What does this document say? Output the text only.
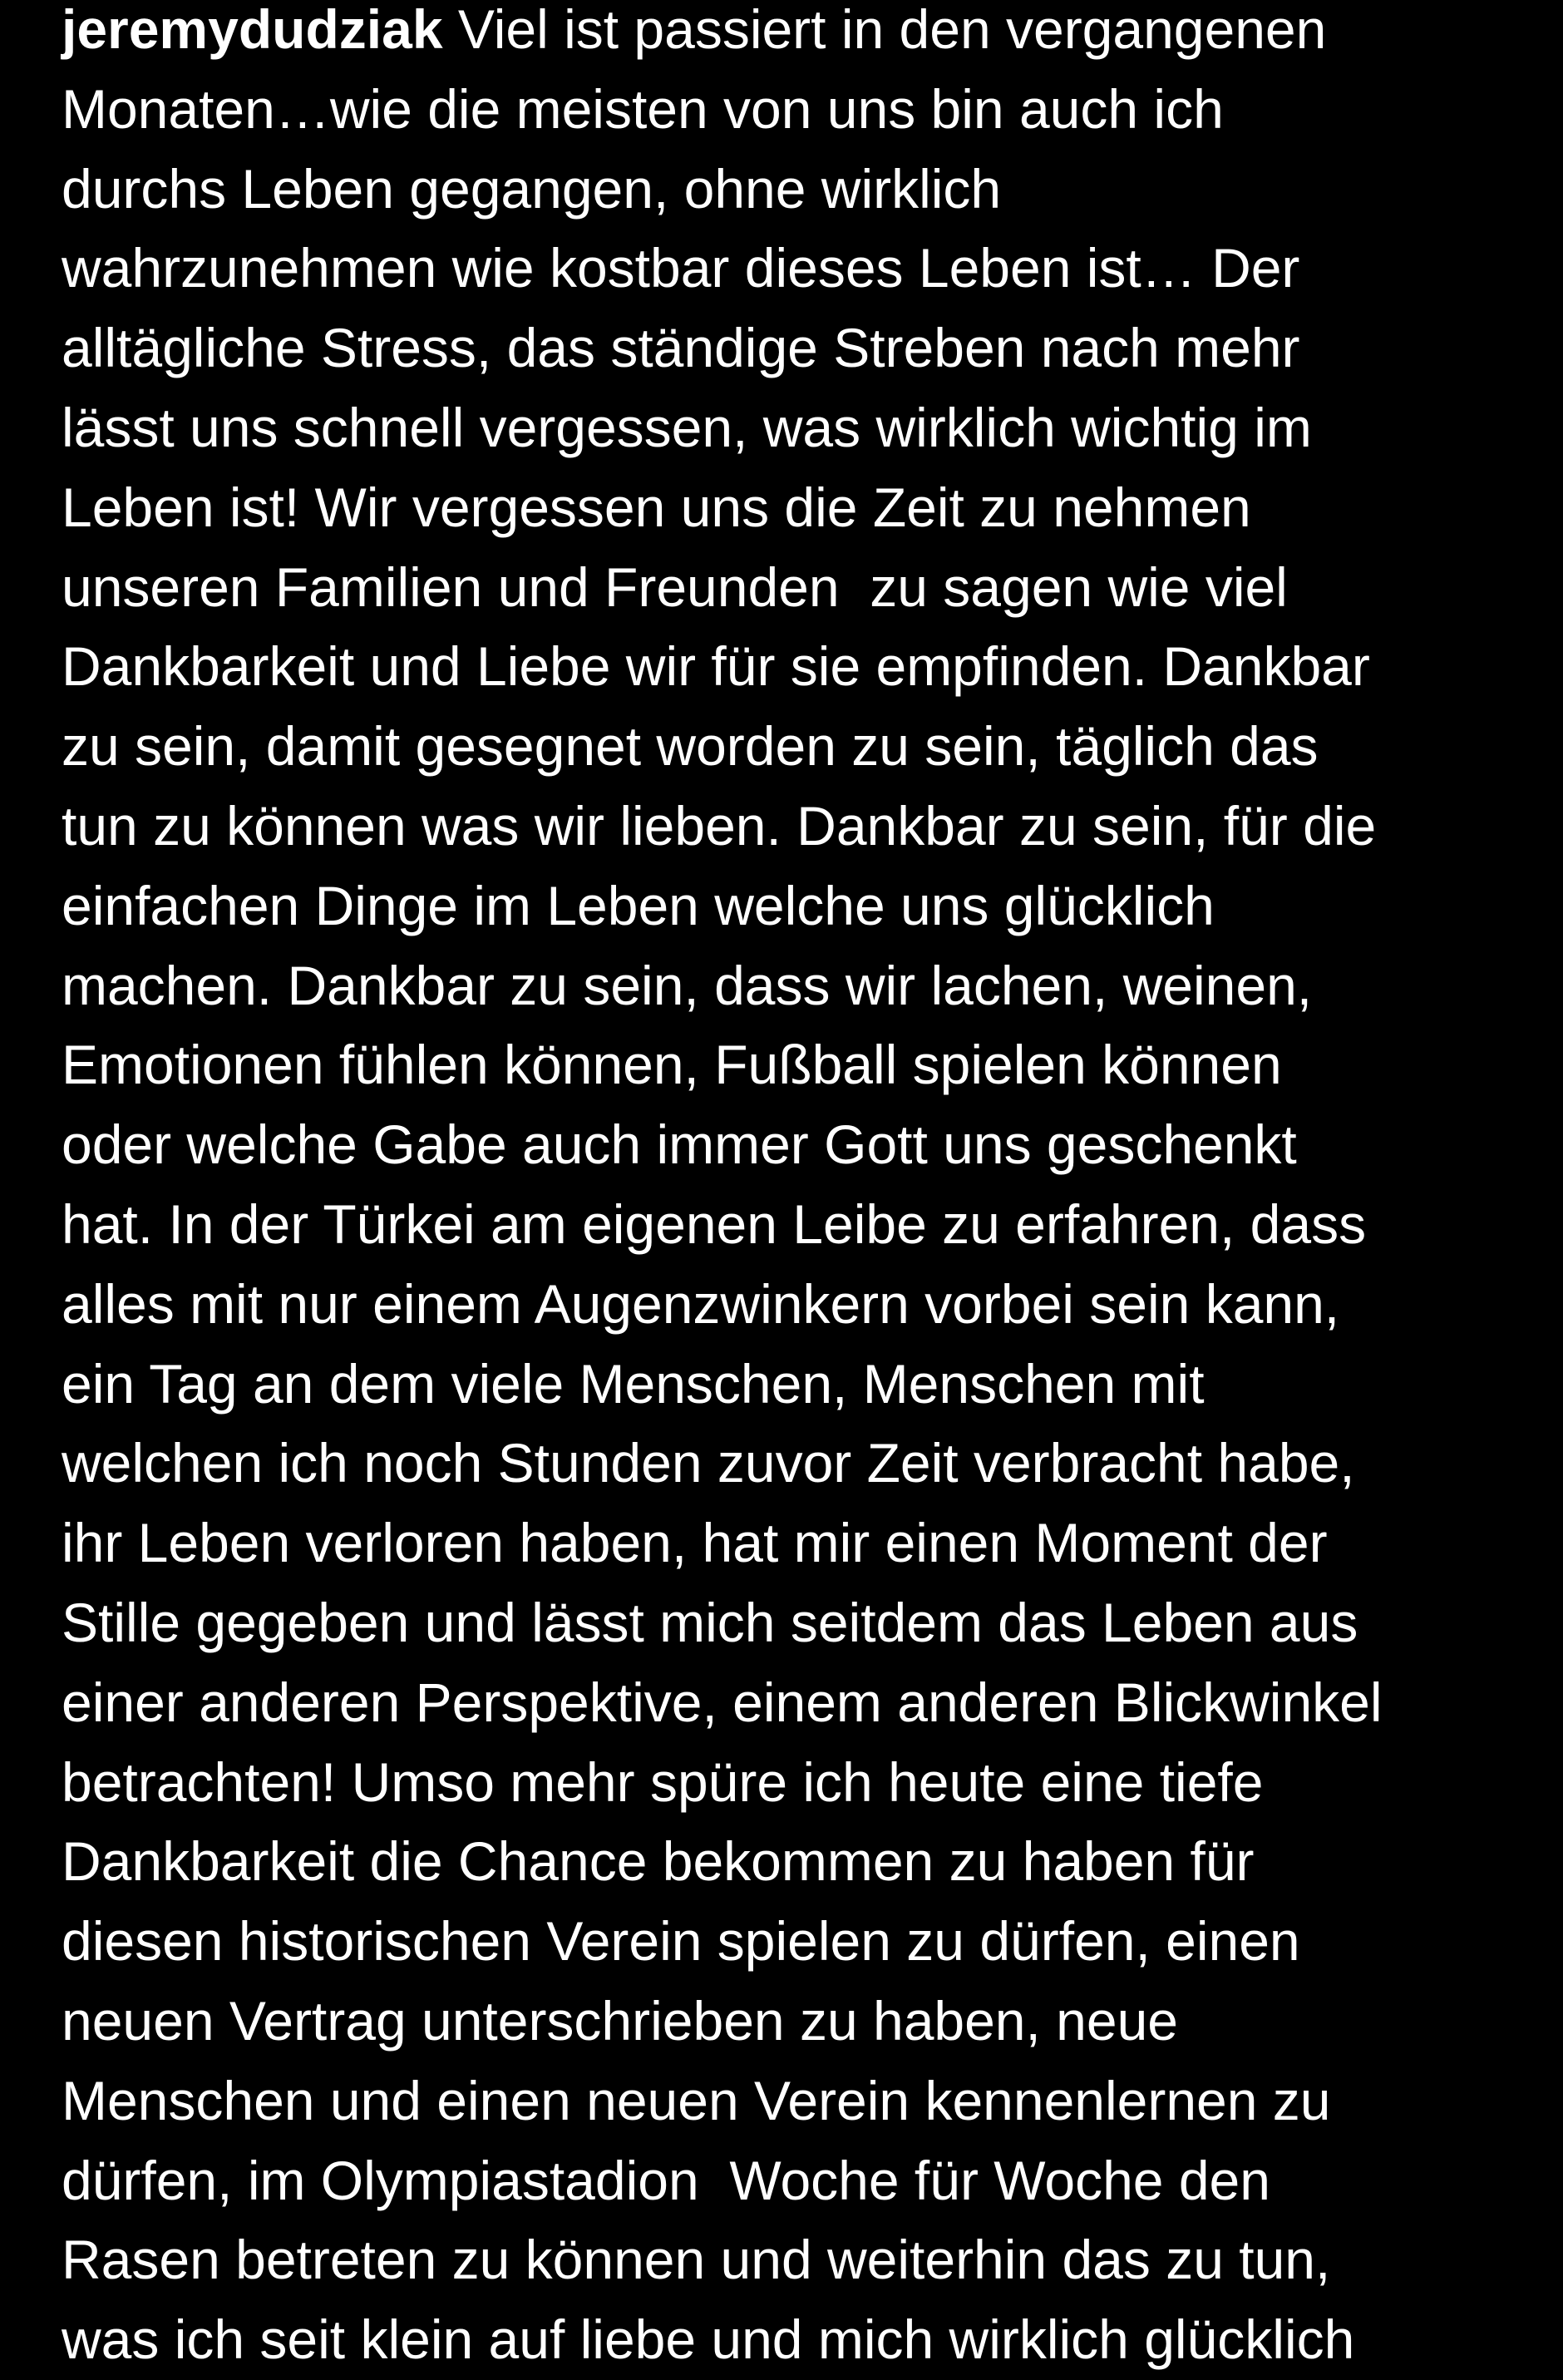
jeremydudziak Viel ist passiert in den vergangenen
Monaten…wie die meisten von uns bin auch ich
durchs Leben gegangen, ohne wirklich
wahrzunehmen wie kostbar dieses Leben ist… Der
alltägliche Stress, das ständige Streben nach mehr
lässt uns schnell vergessen, was wirklich wichtig im
Leben ist! Wir vergessen uns die Zeit zu nehmen
unseren Familien und Freunden  zu sagen wie viel
Dankbarkeit und Liebe wir für sie empfinden. Dankbar
zu sein, damit gesegnet worden zu sein, täglich das
tun zu können was wir lieben. Dankbar zu sein, für die
einfachen Dinge im Leben welche uns glücklich
machen. Dankbar zu sein, dass wir lachen, weinen,
Emotionen fühlen können, Fußball spielen können
oder welche Gabe auch immer Gott uns geschenkt
hat. In der Türkei am eigenen Leibe zu erfahren, dass
alles mit nur einem Augenzwinkern vorbei sein kann,
ein Tag an dem viele Menschen, Menschen mit
welchen ich noch Stunden zuvor Zeit verbracht habe,
ihr Leben verloren haben, hat mir einen Moment der
Stille gegeben und lässt mich seitdem das Leben aus
einer anderen Perspektive, einem anderen Blickwinkel
betrachten! Umso mehr spüre ich heute eine tiefe
Dankbarkeit die Chance bekommen zu haben für
diesen historischen Verein spielen zu dürfen, einen
neuen Vertrag unterschrieben zu haben, neue
Menschen und einen neuen Verein kennenlernen zu
dürfen, im Olympiastadion  Woche für Woche den
Rasen betreten zu können und weiterhin das zu tun,
was ich seit klein auf liebe und mich wirklich glücklich
